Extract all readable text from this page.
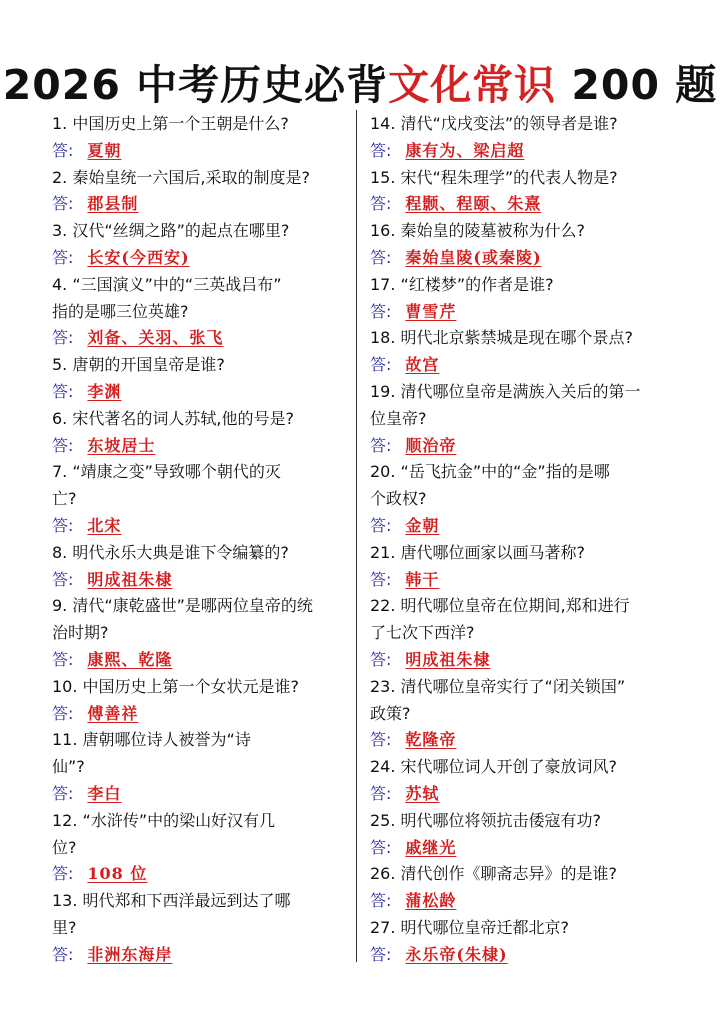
2026 中考历史必背文化常识 200 题
1. 中国历史上第一个王朝是什么?
答: 夏朝
2. 秦始皇统一六国后,采取的制度是?
答: 郡县制
3. 汉代“丝绸之路”的起点在哪里?
答: 长安(今西安)
4. “三国演义”中的“三英战吕布”
指的是哪三位英雄?
答: 刘备、关羽、张飞
5. 唐朝的开国皇帝是谁?
答: 李渊
6. 宋代著名的词人苏轼,他的号是?
答: 东坡居士
7. “靖康之变”导致哪个朝代的灭
亡?
答: 北宋
8. 明代永乐大典是谁下令编纂的?
答: 明成祖朱棣
9. 清代“康乾盛世”是哪两位皇帝的统
治时期?
答: 康熙、乾隆
10. 中国历史上第一个女状元是谁?
答: 傅善祥
11. 唐朝哪位诗人被誉为“诗
仙”?
答: 李白
12. “水浒传”中的梁山好汉有几
位?
答: 108 位
13. 明代郑和下西洋最远到达了哪
里?
答: 非洲东海岸
14. 清代“戊戌变法”的领导者是谁?
答: 康有为、梁启超
15. 宋代“程朱理学”的代表人物是?
答: 程颢、程颐、朱熹
16. 秦始皇的陵墓被称为什么?
答: 秦始皇陵(或秦陵)
17. “红楼梦”的作者是谁?
答: 曹雪芹
18. 明代北京紫禁城是现在哪个景点?
答: 故宫
19. 清代哪位皇帝是满族入关后的第一
位皇帝?
答: 顺治帝
20. “岳飞抗金”中的“金”指的是哪
个政权?
答: 金朝
21. 唐代哪位画家以画马著称?
答: 韩干
22. 明代哪位皇帝在位期间,郑和进行
了七次下西洋?
答: 明成祖朱棣
23. 清代哪位皇帝实行了“闭关锁国”
政策?
答: 乾隆帝
24. 宋代哪位词人开创了豪放词风?
答: 苏轼
25. 明代哪位将领抗击倭寇有功?
答: 戚继光
26. 清代创作《聊斋志异》的是谁?
答: 蒲松龄
27. 明代哪位皇帝迁都北京?
答: 永乐帝(朱棣)
